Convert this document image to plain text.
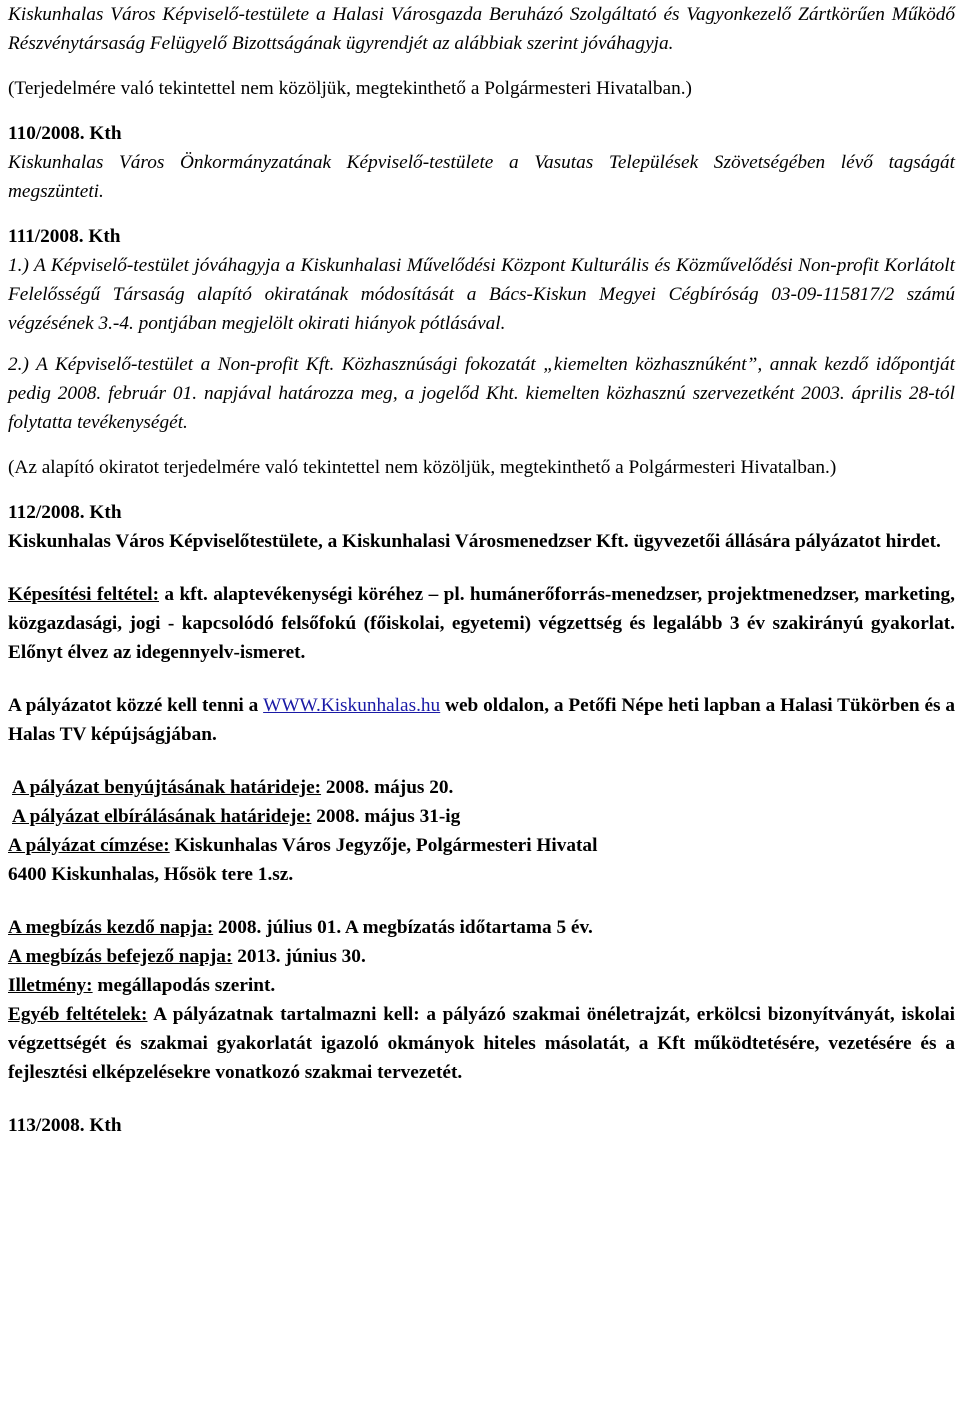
Kiskunhalas Város Képviselő-testülete a Halasi Városgazda Beruházó Szolgáltató és Vagyonkezelő Zártkörűen Működő Részvénytársaság Felügyelő Bizottságának ügyrendjét az alábbiak szerint jóváhagyja.

(Terjedelmére való tekintettel nem közöljük, megtekinthető a Polgármesteri Hivatalban.)

110/2008. Kth

Kiskunhalas Város Önkormányzatának Képviselő-testülete a Vasutas Települések Szövetségében lévő tagságát megszünteti.

111/2008. Kth

1.) A Képviselő-testület jóváhagyja a Kiskunhalasi Művelődési Központ Kulturális és Közművelődési Non-profit Korlátolt Felelősségű Társaság alapító okiratának módosítását a Bács-Kiskun Megyei Cégbíróság 03-09-115817/2 számú végzésének 3.-4. pontjában megjelölt okirati hiányok pótlásával.

2.) A Képviselő-testület a Non-profit Kft. Közhasznúsági fokozatát „kiemelten közhasznúként”, annak kezdő időpontját pedig 2008. február 01. napjával határozza meg, a jogelőd Kht. kiemelten közhasznú szervezetként 2003. április 28-tól folytatta tevékenységét.

(Az alapító okiratot terjedelmére való tekintettel nem közöljük, megtekinthető a Polgármesteri Hivatalban.)

112/2008. Kth

Kiskunhalas Város Képviselőtestülete, a Kiskunhalasi Városmenedzser Kft. ügyvezetői állására pályázatot hirdet.

Képesítési feltétel: a kft. alaptevékenységi köréhez – pl. humánerőforrás-menedzser, projektmenedzser, marketing, közgazdasági, jogi - kapcsolódó felsőfokú (főiskolai, egyetemi) végzettség és legalább 3 év szakirányú gyakorlat. Előnyt élvez az idegennyelv-ismeret.

A pályázatot közzé kell tenni a WWW.Kiskunhalas.hu web oldalon, a Petőfi Népe heti lapban a Halasi Tükörben és a Halas TV képújságjában.

A pályázat benyújtásának határideje: 2008. május 20.

A pályázat elbírálásának határideje: 2008. május 31-ig

A pályázat címzése: Kiskunhalas Város Jegyzője, Polgármesteri Hivatal

6400 Kiskunhalas, Hősök tere 1.sz.

A megbízás kezdő napja: 2008. július 01. A megbízatás időtartama 5 év.

A megbízás befejező napja: 2013. június 30.

Illetmény: megállapodás szerint.

Egyéb feltételek: A pályázatnak tartalmazni kell: a pályázó szakmai önéletrajzát, erkölcsi bizonyítványát, iskolai végzettségét és szakmai gyakorlatát igazoló okmányok hiteles másolatát, a Kft működtetésére, vezetésére és a fejlesztési elképzelésekre vonatkozó szakmai tervezetét.

113/2008. Kth
